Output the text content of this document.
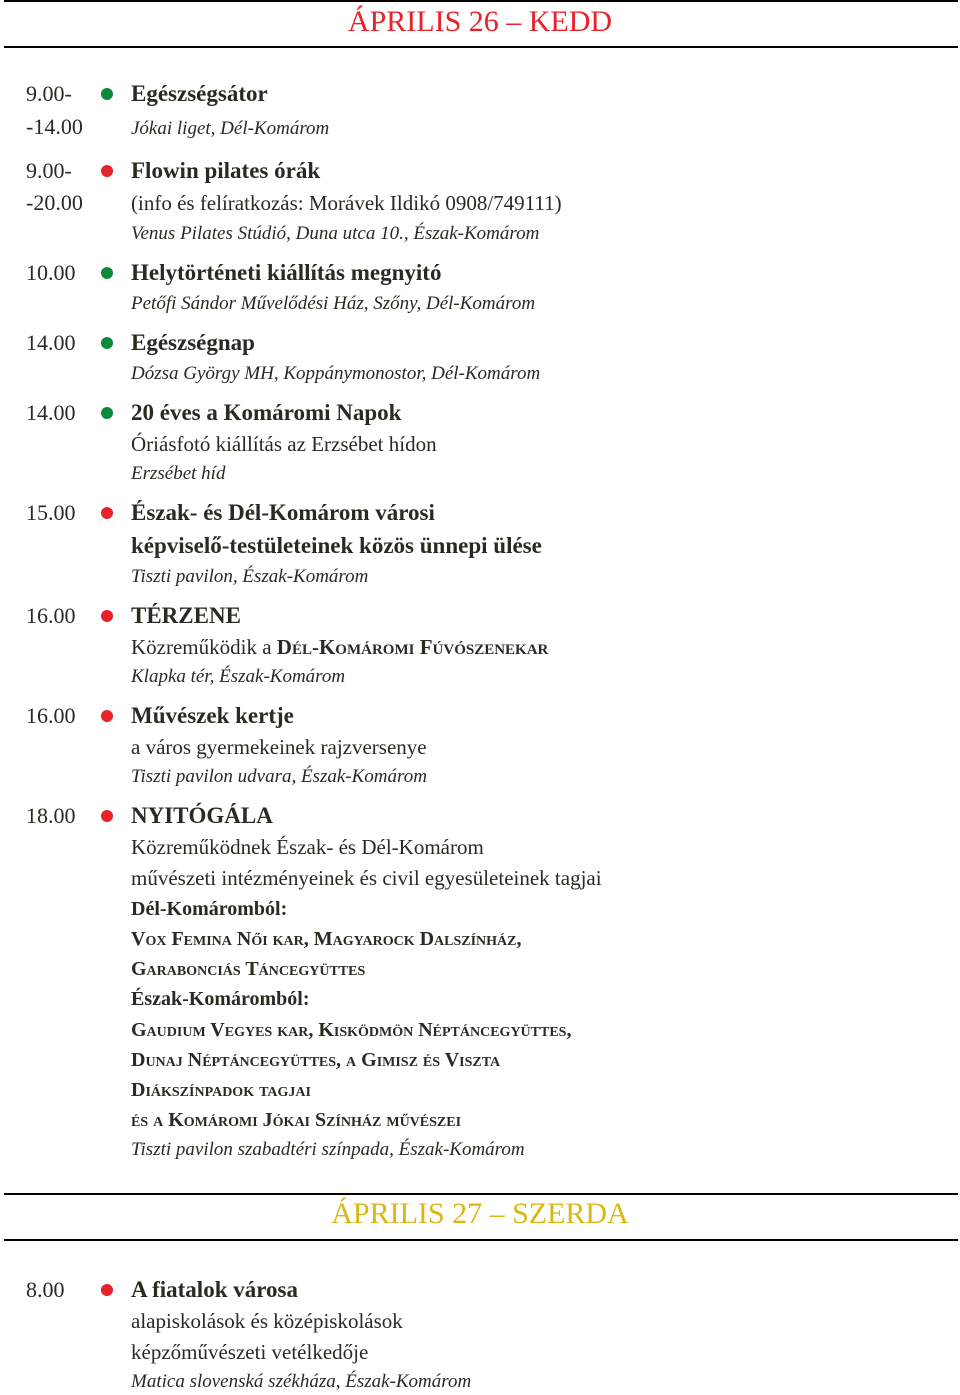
ÁPRILIS 26 – KEDD
9.00-
-14.00
Egészségsátor
Jókai liget, Dél-Komárom
9.00-
-20.00
Flowin pilates órák
(info és felíratkozás: Morávek Ildikó 0908/749111)
Venus Pilates Stúdió, Duna utca 10., Észak-Komárom
10.00 Helytörténeti kiállítás megnyitó
Petőfi Sándor Művelődési Ház, Szőny, Dél-Komárom
14.00 Egészségnap
Dózsa György MH, Koppánymonostor, Dél-Komárom
14.00 20 éves a Komáromi Napok
Óriásfotó kiállítás az Erzsébet hídon
Erzsébet híd
15.00 Észak- és Dél-Komárom városi
képviselő-testületeinek közös ünnepi ülése
Tiszti pavilon, Észak-Komárom
16.00 TÉRZENE
Közreműködik a Dél-Komáromi Fúvószenekar
Klapka tér, Észak-Komárom
16.00 Művészek kertje
a város gyermekeinek rajzversenye
Tiszti pavilon udvara, Észak-Komárom
18.00 NYITÓGÁLA
Közreműködnek Észak- és Dél-Komárom
művészeti intézményeinek és civil egyesületeinek tagjai
Dél-Komáromból:
Vox Femina Női kar, Magyarock Dalszínház,
Garabonciás Táncegyüttes
Észak-Komáromból:
Gaudium Vegyes kar, Kisködmön Néptáncegyüttes,
Dunaj Néptáncegyüttes, a Gimisz és Viszta
Diákszínpadok tagjai
és a Komáromi Jókai Színház művészei
Tiszti pavilon szabadtéri színpada, Észak-Komárom
ÁPRILIS 27 – SZERDA
8.00	A fiatalok városa
alapiskolások és középiskolások
képzőművészeti vetélkedője
Matica slovenská székháza, Észak-Komárom
